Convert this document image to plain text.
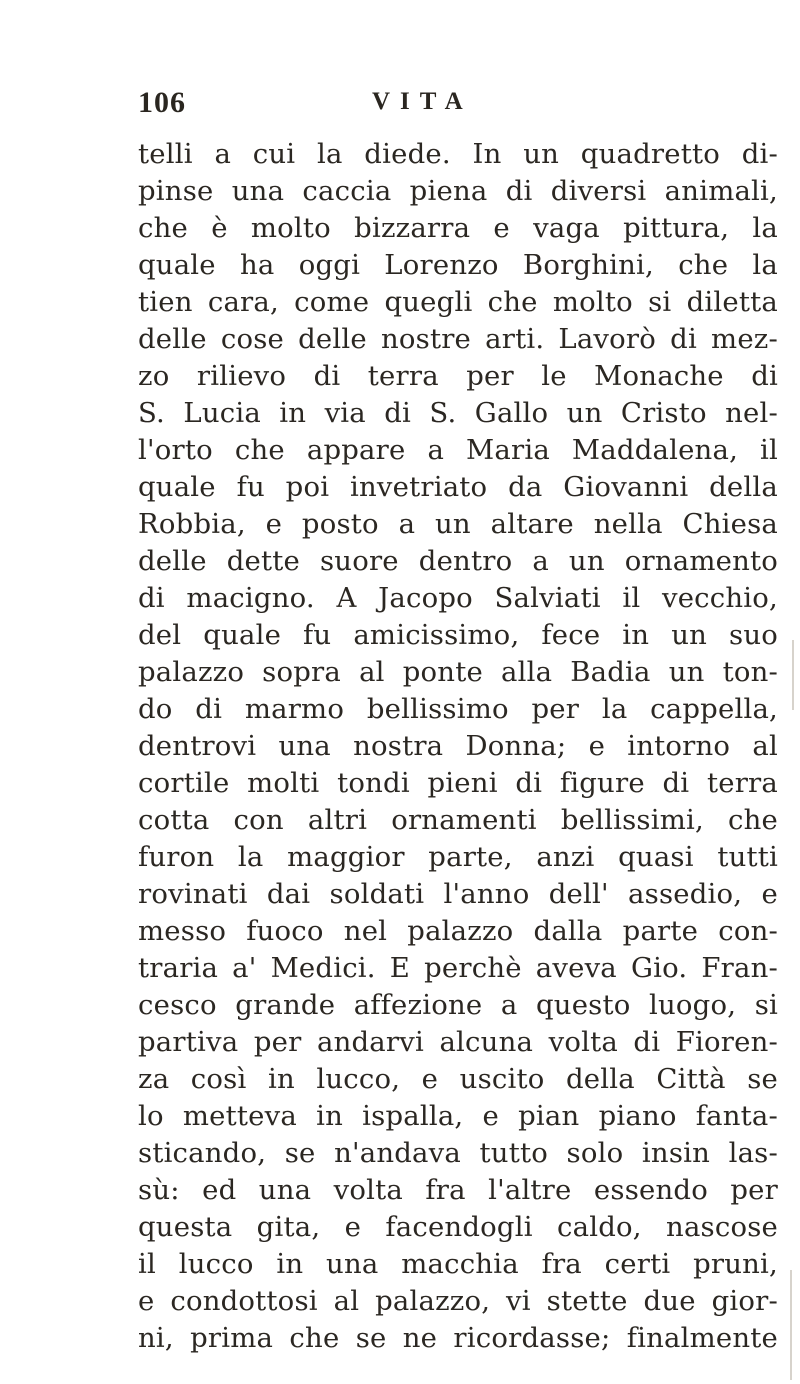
106	VITA
telli a cui la diede. In un quadretto di-
pinse una caccia piena di diversi animali,
che è molto bizzarra e vaga pittura, la
quale ha oggi Lorenzo Borghini, che la
tien cara, come quegli che molto si diletta
delle cose delle nostre arti. Lavorò di mez-
zo rilievo di terra per le Monache di
S. Lucia in via di S. Gallo un Cristo nel-
l'orto che appare a Maria Maddalena, il
quale fu poi invetriato da Giovanni della
Robbia, e posto a un altare nella Chiesa
delle dette suore dentro a un ornamento
di macigno. A Jacopo Salviati il vecchio,
del quale fu amicissimo, fece in un suo
palazzo sopra al ponte alla Badia un ton-
do di marmo bellissimo per la cappella,
dentrovi una nostra Donna; e intorno al
cortile molti tondi pieni di figure di terra
cotta con altri ornamenti bellissimi, che
furon la maggior parte, anzi quasi tutti
rovinati dai soldati l'anno dell' assedio, e
messo fuoco nel palazzo dalla parte con-
traria a' Medici. E perchè aveva Gio. Fran-
cesco grande affezione a questo luogo, si
partiva per andarvi alcuna volta di Fioren-
za così in lucco, e uscito della Città se
lo metteva in ispalla, e pian piano fanta-
sticando, se n'andava tutto solo insin las-
sù: ed una volta fra l'altre essendo per
questa gita, e facendogli caldo, nascose
il lucco in una macchia fra certi pruni,
e condottosi al palazzo, vi stette due gior-
ni, prima che se ne ricordasse; finalmente
